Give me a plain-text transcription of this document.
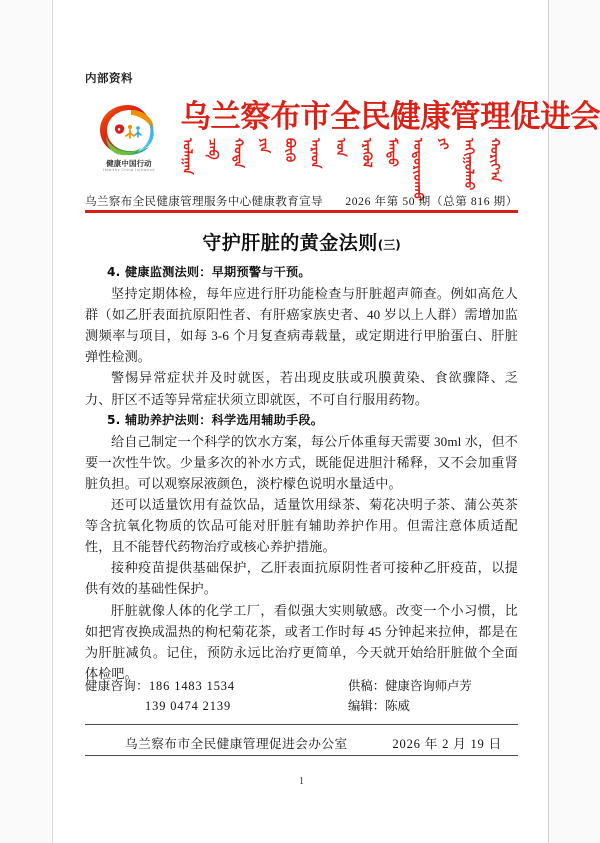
内部资料
健康中国行动
Healthy China Initiative
乌兰察布市全民健康管理促进会
ᠤᠯᠠᠭᠠᠨ ᠴᠠᠪ ᠬᠣᠲᠠ ᠶᠢᠨ ᠪᠦᠬᠦ ᠠᠷᠠᠳ ᠤᠨ ᠡᠷᠡᠭᠦᠯ ᠮᠡᠨᠳᠦ ᠤᠳᠤᠷᠢᠳᠬᠤ ᠶᠢ ᠠᠬᠢᠭᠤᠯᠬᠤ ᠬᠣᠷᠢᠶ᠎ᠠ
乌兰察布全民健康管理服务中心健康教育宣导 2026 年第 50 期（总第 816 期）
守护肝脏的黄金法则(三)

4. 健康监测法则：早期预警与干预。

坚持定期体检，每年应进行肝功能检查与肝脏超声筛查。例如高危人群（如乙肝表面抗原阳性者、有肝癌家族史者、40 岁以上人群）需增加监测频率与项目，如每 3-6 个月复查病毒载量，或定期进行甲胎蛋白、肝脏弹性检测。

警惕异常症状并及时就医，若出现皮肤或巩膜黄染、食欲骤降、乏力、肝区不适等异常症状须立即就医，不可自行服用药物。

5. 辅助养护法则：科学选用辅助手段。

给自己制定一个科学的饮水方案，每公斤体重每天需要 30ml 水，但不要一次性牛饮。少量多次的补水方式，既能促进胆汁稀释，又不会加重肾脏负担。可以观察尿液颜色，淡柠檬色说明水量适中。

还可以适量饮用有益饮品，适量饮用绿茶、菊花决明子茶、蒲公英茶等含抗氧化物质的饮品可能对肝脏有辅助养护作用。但需注意体质适配性，且不能替代药物治疗或核心养护措施。

接种疫苗提供基础保护，乙肝表面抗原阴性者可接种乙肝疫苗，以提供有效的基础性保护。

肝脏就像人体的化学工厂，看似强大实则敏感。改变一个小习惯，比如把宵夜换成温热的枸杞菊花茶，或者工作时每 45 分钟起来拉伸，都是在为肝脏减负。记住，预防永远比治疗更简单，今天就开始给肝脏做个全面体检吧。

健康咨询：186 1483 1534
139 0474 2139
供稿：健康咨询师卢芳
编辑：陈威
乌兰察布市全民健康管理促进会办公室	2026 年 2 月 19 日
1
